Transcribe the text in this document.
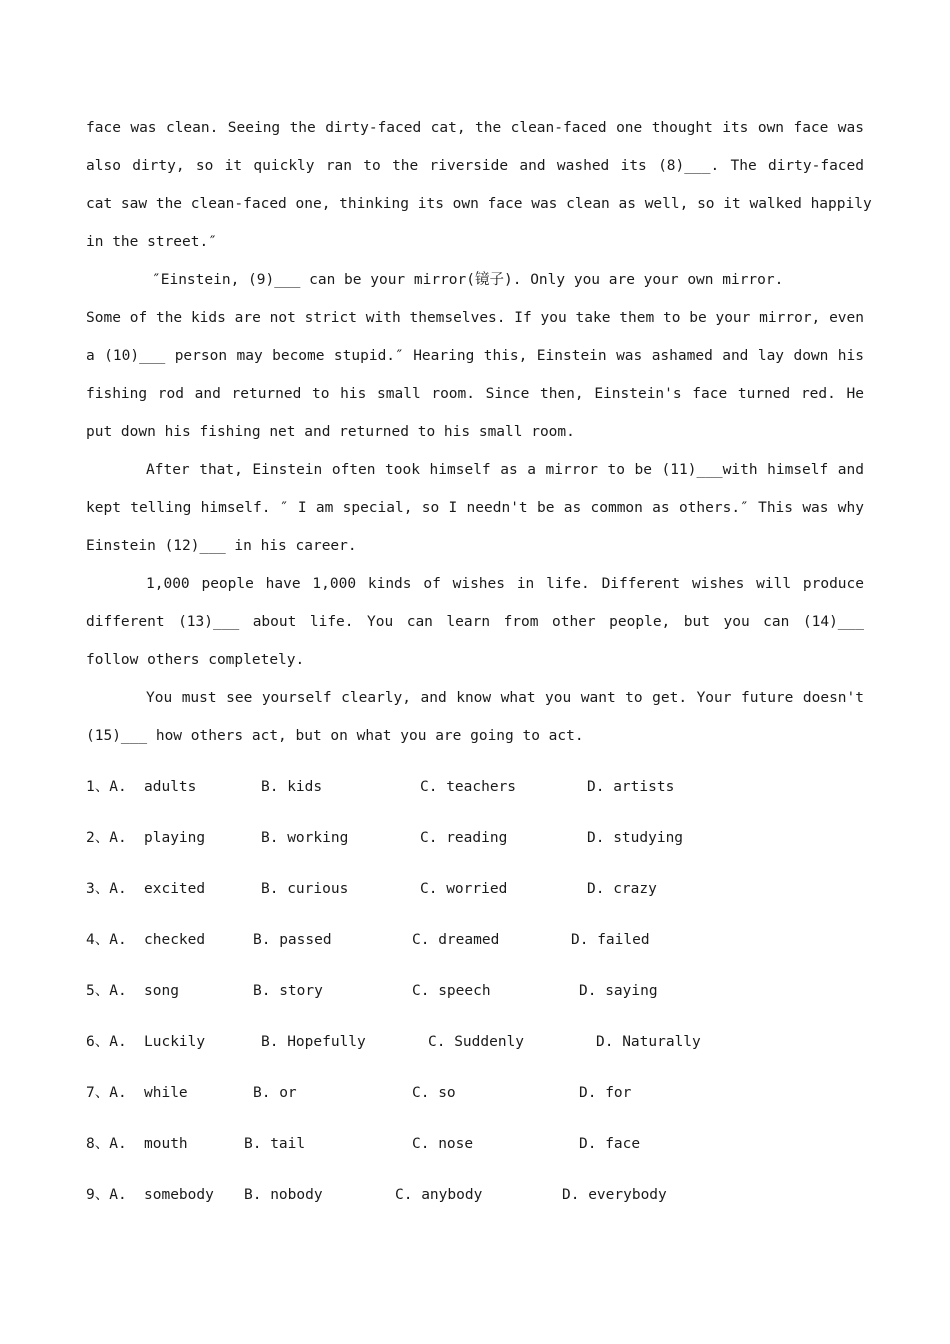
face was clean. Seeing the dirty-faced cat, the clean-faced one thought its own face was
also dirty, so it quickly ran to the riverside and washed its (8)___. The dirty-faced
cat saw the clean-faced one, thinking its own face was clean as well, so it walked happily
in the street.″
″Einstein, (9)___ can be your mirror(镜子). Only you are your own mirror.
Some of the kids are not strict with themselves. If you take them to be your mirror, even
a (10)___ person may become stupid.″ Hearing this, Einstein was ashamed and lay down his
fishing rod and returned to his small room. Since then, Einstein's face turned red. He
put down his fishing net and returned to his small room.
After that, Einstein often took himself as a mirror to be (11)___with himself and
kept telling himself. ″ I am special, so I needn't be as common as others.″ This was why
Einstein (12)___ in his career.
1,000 people have 1,000 kinds of wishes in life. Different wishes will produce
different (13)___ about life. You can learn from other people, but you can (14)___
follow others completely.
You must see yourself clearly, and know what you want to get. Your future doesn't
(15)___ how others act, but on what you are going to act.
1、A. adults	B. kids	C. teachers	D. artists
2、A. playing	B. working	C. reading	D. studying
3、A. excited	B. curious	C. worried	D. crazy
4、A. checked	B. passed	C. dreamed	D. failed
5、A. song	B. story	C. speech	D. saying
6、A. Luckily	B. Hopefully	C. Suddenly	D. Naturally
7、A. while	B. or	C. so	D. for
8、A. mouth	B. tail	C. nose	D. face
9、A. somebody B. nobody	C. anybody	D. everybody
